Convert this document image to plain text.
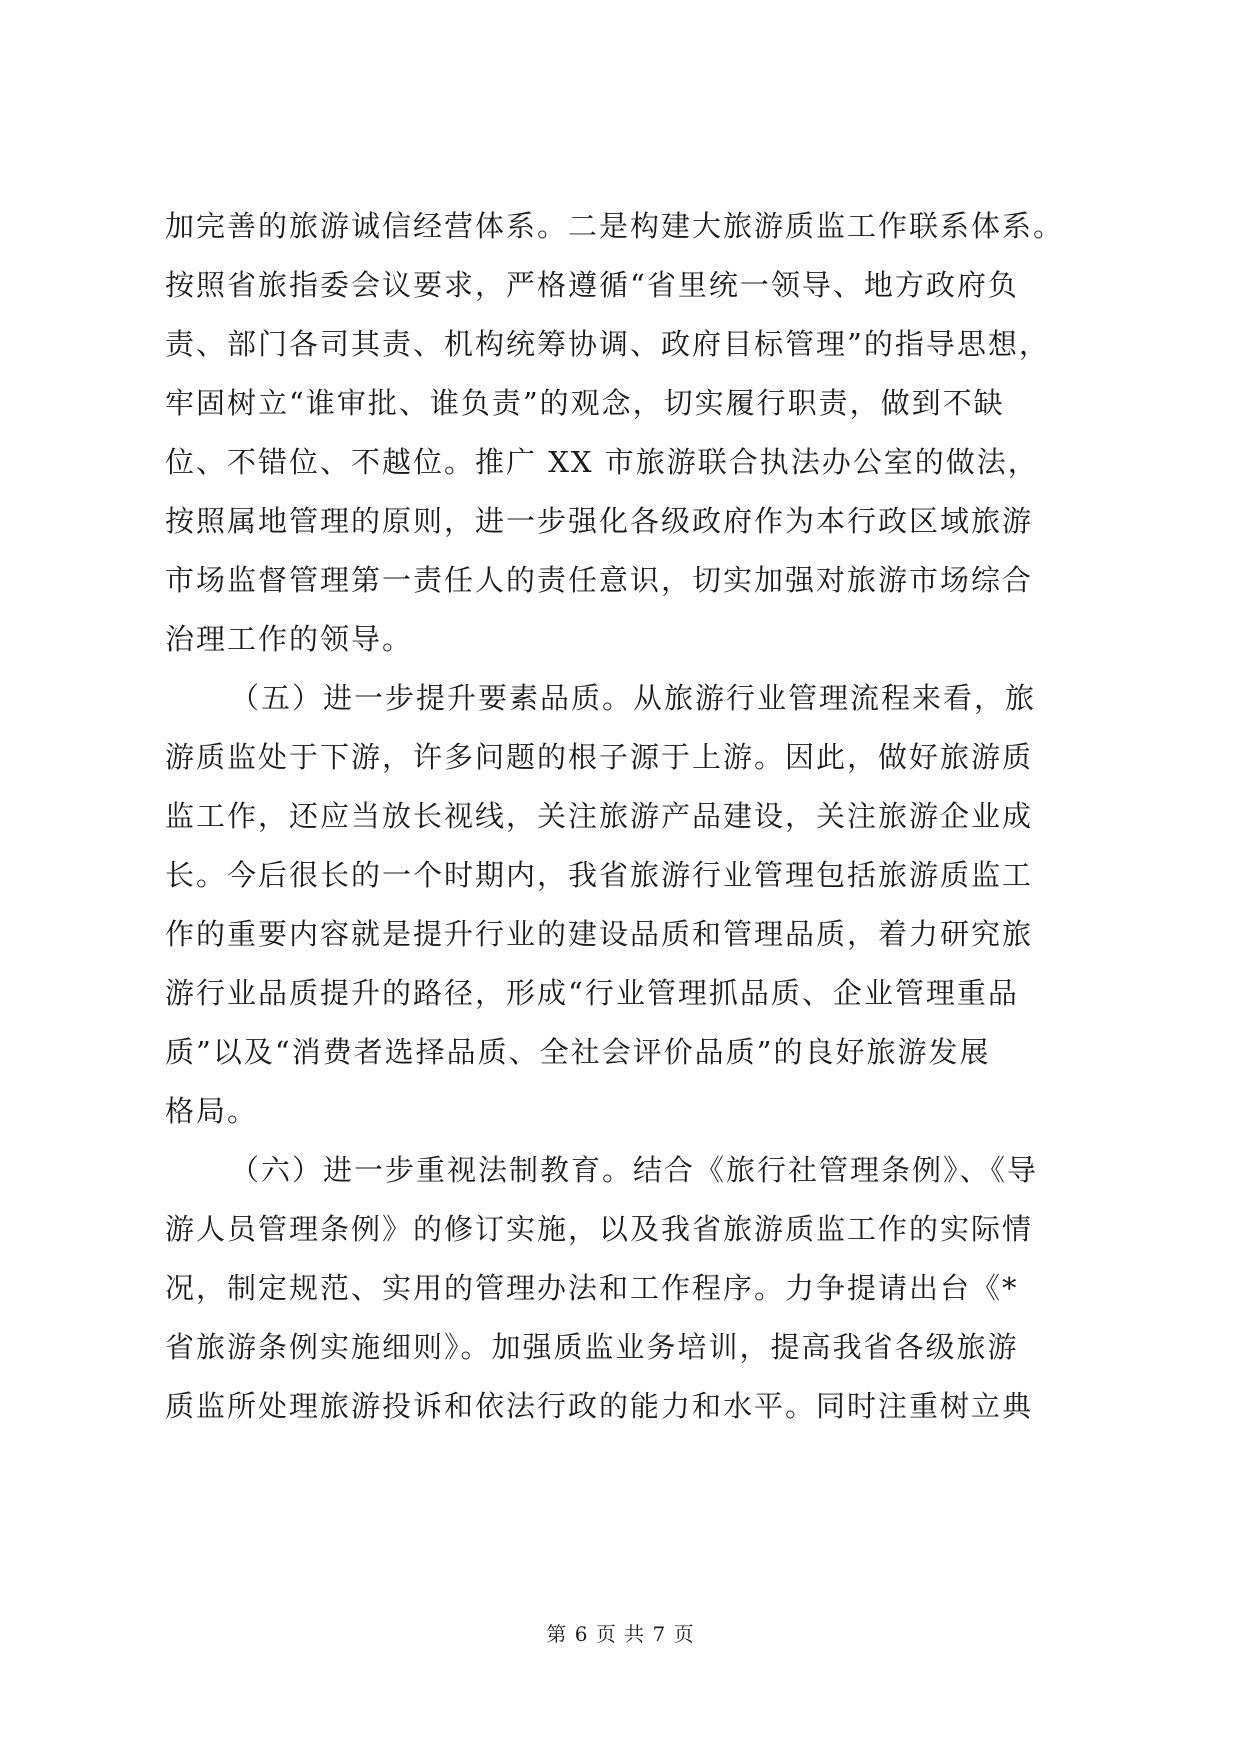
加完善的旅游诚信经营体系。二是构建大旅游质监工作联系体系。
按照省旅指委会议要求，严格遵循“省里统一领导、地方政府负
责、部门各司其责、机构统筹协调、政府目标管理”的指导思想，
牢固树立“谁审批、谁负责”的观念，切实履行职责，做到不缺
位、不错位、不越位。推广 XX 市旅游联合执法办公室的做法，
按照属地管理的原则，进一步强化各级政府作为本行政区域旅游
市场监督管理第一责任人的责任意识，切实加强对旅游市场综合
治理工作的领导。
（五）进一步提升要素品质。从旅游行业管理流程来看，旅
游质监处于下游，许多问题的根子源于上游。因此，做好旅游质
监工作，还应当放长视线，关注旅游产品建设，关注旅游企业成
长。今后很长的一个时期内，我省旅游行业管理包括旅游质监工
作的重要内容就是提升行业的建设品质和管理品质，着力研究旅
游行业品质提升的路径，形成“行业管理抓品质、企业管理重品
质”以及“消费者选择品质、全社会评价品质”的良好旅游发展
格局。
（六）进一步重视法制教育。结合《旅行社管理条例》、《导
游人员管理条例》的修订实施，以及我省旅游质监工作的实际情
况，制定规范、实用的管理办法和工作程序。力争提请出台《*
省旅游条例实施细则》。加强质监业务培训，提高我省各级旅游
质监所处理旅游投诉和依法行政的能力和水平。同时注重树立典
第 6 页 共 7 页
